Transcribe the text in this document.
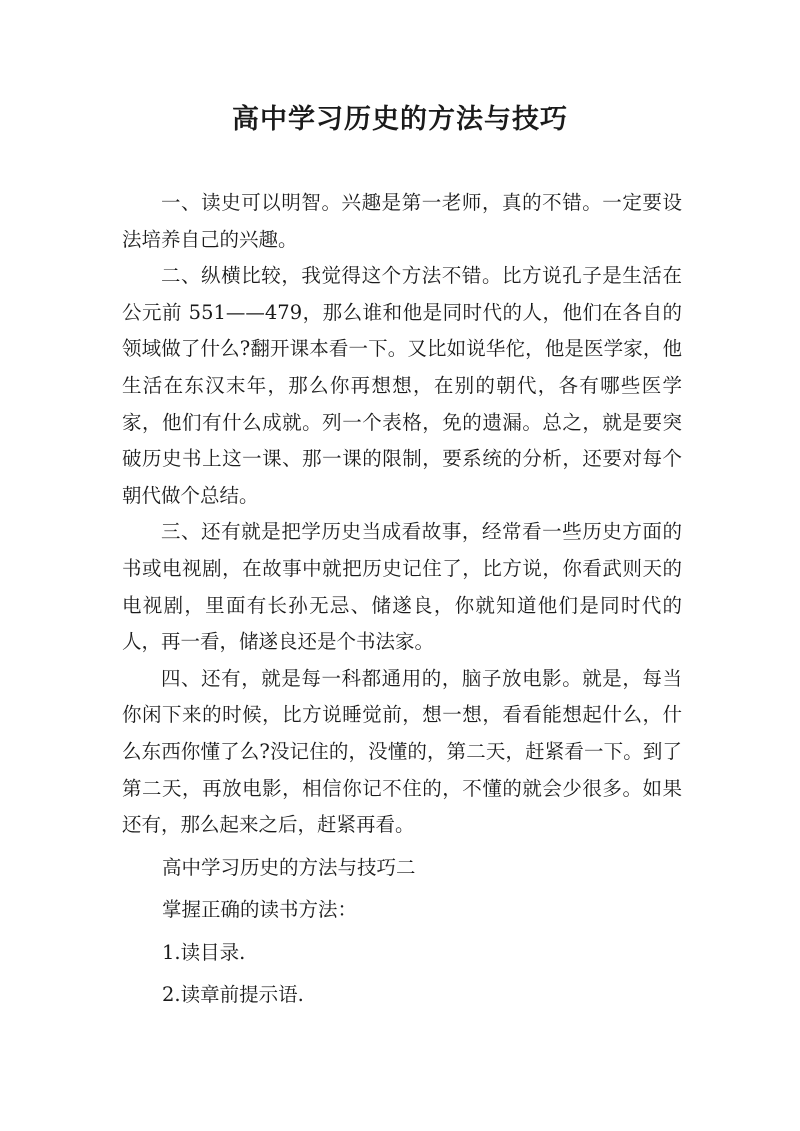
高中学习历史的方法与技巧

一、读史可以明智。兴趣是第一老师，真的不错。一定要设法培养自己的兴趣。

二、纵横比较，我觉得这个方法不错。比方说孔子是生活在公元前 551——479，那么谁和他是同时代的人，他们在各自的领域做了什么?翻开课本看一下。又比如说华佗，他是医学家，他生活在东汉末年，那么你再想想，在别的朝代，各有哪些医学家，他们有什么成就。列一个表格，免的遗漏。总之，就是要突破历史书上这一课、那一课的限制，要系统的分析，还要对每个朝代做个总结。

三、还有就是把学历史当成看故事，经常看一些历史方面的书或电视剧，在故事中就把历史记住了，比方说，你看武则天的电视剧，里面有长孙无忌、储遂良，你就知道他们是同时代的人，再一看，储遂良还是个书法家。

四、还有，就是每一科都通用的，脑子放电影。就是，每当你闲下来的时候，比方说睡觉前，想一想，看看能想起什么，什么东西你懂了么?没记住的，没懂的，第二天，赶紧看一下。到了第二天，再放电影，相信你记不住的，不懂的就会少很多。如果还有，那么起来之后，赶紧再看。

高中学习历史的方法与技巧二

掌握正确的读书方法：

1.读目录.

2.读章前提示语.
